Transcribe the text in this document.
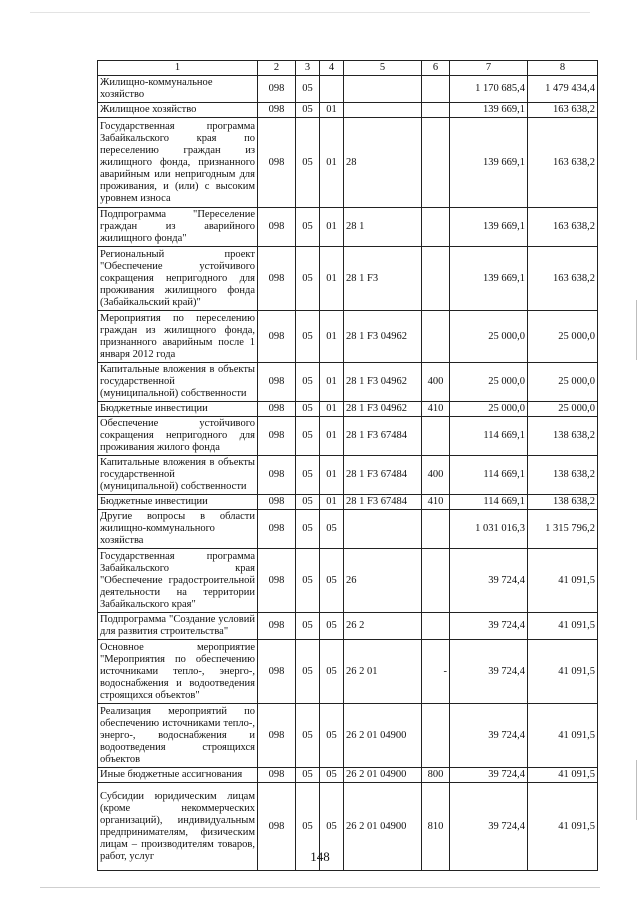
1	2	3	4	5	6	7	8
Жилищно-коммунальное хозяйство	098	05				1 170 685,4	1 479 434,4
Жилищное хозяйство	098	05	01			139 669,1	163 638,2
Государственная программа Забайкальского края по переселению граждан из жилищного фонда, признанного аварийным или непригодным для проживания, и (или) с высоким уровнем износа	098	05	01	28		139 669,1	163 638,2
Подпрограмма "Переселение граждан из аварийного жилищного фонда"	098	05	01	28 1		139 669,1	163 638,2
Региональный проект "Обеспечение устойчивого сокращения непригодного для проживания жилищного фонда (Забайкальский край)"	098	05	01	28 1 F3		139 669,1	163 638,2
Мероприятия по переселению граждан из жилищного фонда, признанного аварийным после 1 января 2012 года	098	05	01	28 1 F3 04962		25 000,0	25 000,0
Капитальные вложения в объекты государственной (муниципальной) собственности	098	05	01	28 1 F3 04962	400	25 000,0	25 000,0
Бюджетные инвестиции	098	05	01	28 1 F3 04962	410	25 000,0	25 000,0
Обеспечение устойчивого сокращения непригодного для проживания жилого фонда	098	05	01	28 1 F3 67484		114 669,1	138 638,2
Капитальные вложения в объекты государственной (муниципальной) собственности	098	05	01	28 1 F3 67484	400	114 669,1	138 638,2
Бюджетные инвестиции	098	05	01	28 1 F3 67484	410	114 669,1	138 638,2
Другие вопросы в области жилищно-коммунального хозяйства	098	05	05			1 031 016,3	1 315 796,2
Государственная программа Забайкальского края "Обеспечение градостроительной деятельности на территории Забайкальского края"	098	05	05	26		39 724,4	41 091,5
Подпрограмма "Создание условий для развития строительства"	098	05	05	26 2		39 724,4	41 091,5
Основное мероприятие "Мероприятия по обеспечению источниками тепло-, энерго-, водоснабжения и водоотведения строящихся объектов"	098	05	05	26 2 01	-	39 724,4	41 091,5
Реализация мероприятий по обеспечению источниками тепло-, энерго-, водоснабжения и водоотведения строящихся объектов	098	05	05	26 2 01 04900		39 724,4	41 091,5
Иные бюджетные ассигнования	098	05	05	26 2 01 04900	800	39 724,4	41 091,5
Субсидии юридическим лицам (кроме некоммерческих организаций), индивидуальным предпринимателям, физическим лицам – производителям товаров, работ, услуг	098	05	05	26 2 01 04900	810	39 724,4	41 091,5
148
